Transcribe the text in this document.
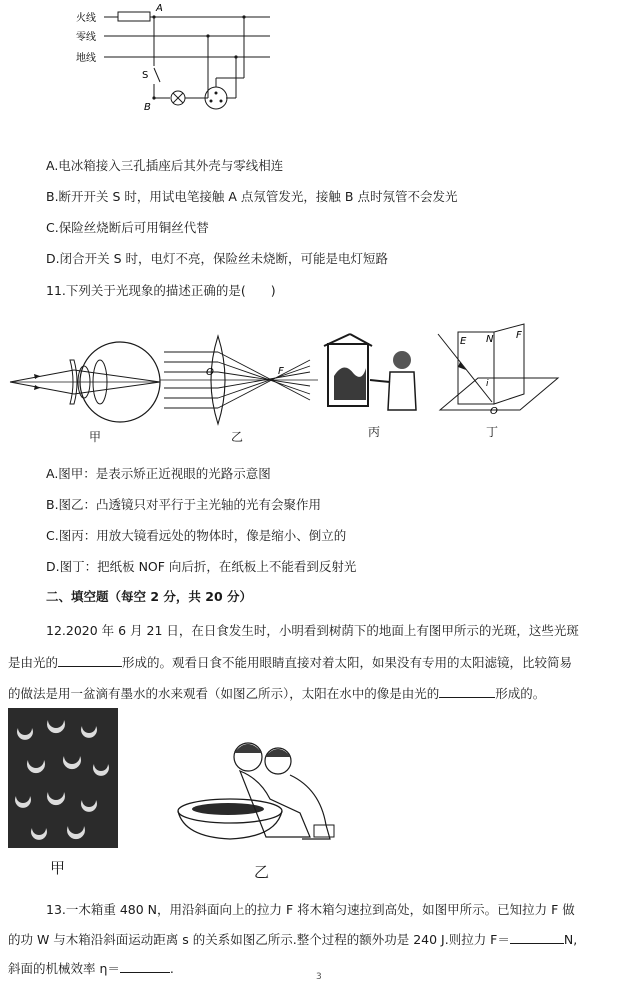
火线
零线
地线
A
S
B
A.电冰箱接入三孔插座后其外壳与零线相连
B.断开开关 S 时，用试电笔接触 A 点氖管发光，接触 B 点时氖管不会发光
C.保险丝烧断后可用铜丝代替
D.闭合开关 S 时，电灯不亮，保险丝未烧断，可能是电灯短路
11.下列关于光现象的描述正确的是(　　)
甲
O	F
乙	丙
E N F
i
O
丁
A.图甲：是表示矫正近视眼的光路示意图
B.图乙：凸透镜只对平行于主光轴的光有会聚作用
C.图丙：用放大镜看远处的物体时，像是缩小、倒立的
D.图丁：把纸板 NOF 向后折，在纸板上不能看到反射光
二、填空题（每空 2 分，共 20 分）
12.2020 年 6 月 21 日，在日食发生时，小明看到树荫下的地面上有图甲所示的光斑，这些光斑
是由光的	形成的。观看日食不能用眼睛直接对着太阳，如果没有专用的太阳滤镜，比较简易
的做法是用一盆滴有墨水的水来观看（如图乙所示），太阳在水中的像是由光的	形成的。
甲	乙
13.一木箱重 480 N，用沿斜面向上的拉力 F 将木箱匀速拉到高处，如图甲所示。已知拉力 F 做
的功 W 与木箱沿斜面运动距离 s 的关系如图乙所示.整个过程的额外功是 240 J.则拉力 F＝	N,
斜面的机械效率 η＝	.
3
